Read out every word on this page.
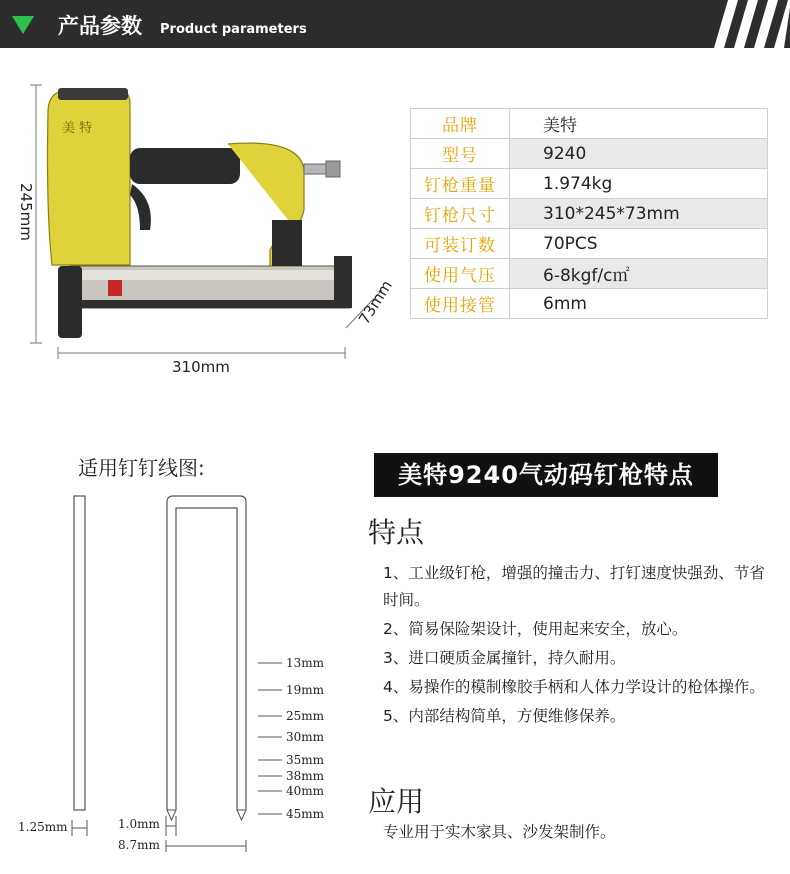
产品参数 Product parameters
美 特
245mm
310mm
73mm
品牌	美特
型号	9240
钉枪重量	1.974kg
钉枪尺寸	310*245*73mm
可装订数	70PCS
使用气压	6-8kgf/c㎡
使用接管	6mm
适用钉钉线图:
13mm
19mm
25mm
30mm
35mm
38mm
40mm
45mm
1.25mm	1.0mm
8.7mm
美特9240气动码钉枪特点
特点
1、工业级钉枪，增强的撞击力、打钉速度快强劲、节省时间。
2、简易保险架设计，使用起来安全，放心。
3、进口硬质金属撞针，持久耐用。
4、易操作的模制橡胶手柄和人体力学设计的枪体操作。
5、内部结构简单，方便维修保养。
应用
专业用于实木家具、沙发架制作。
